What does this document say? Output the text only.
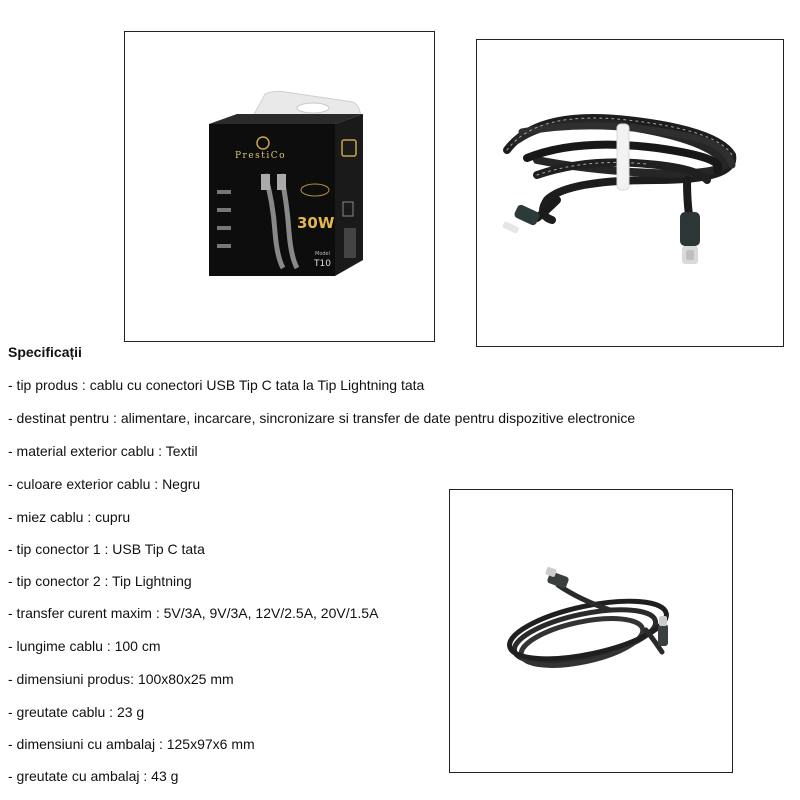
PrestiCo
30W
Model
T10
Specificații
- tip produs : cablu cu conectori USB Tip C tata la Tip Lightning tata
- destinat pentru : alimentare, incarcare, sincronizare si transfer de date pentru dispozitive electronice
- material exterior cablu : Textil
- culoare exterior cablu : Negru
- miez cablu : cupru
- tip conector 1 : USB Tip C tata
- tip conector 2 : Tip Lightning
- transfer curent maxim : 5V/3A, 9V/3A, 12V/2.5A, 20V/1.5A
- lungime cablu : 100 cm
- dimensiuni produs: 100x80x25 mm
- greutate cablu : 23 g
- dimensiuni cu ambalaj : 125x97x6 mm
- greutate cu ambalaj : 43 g
